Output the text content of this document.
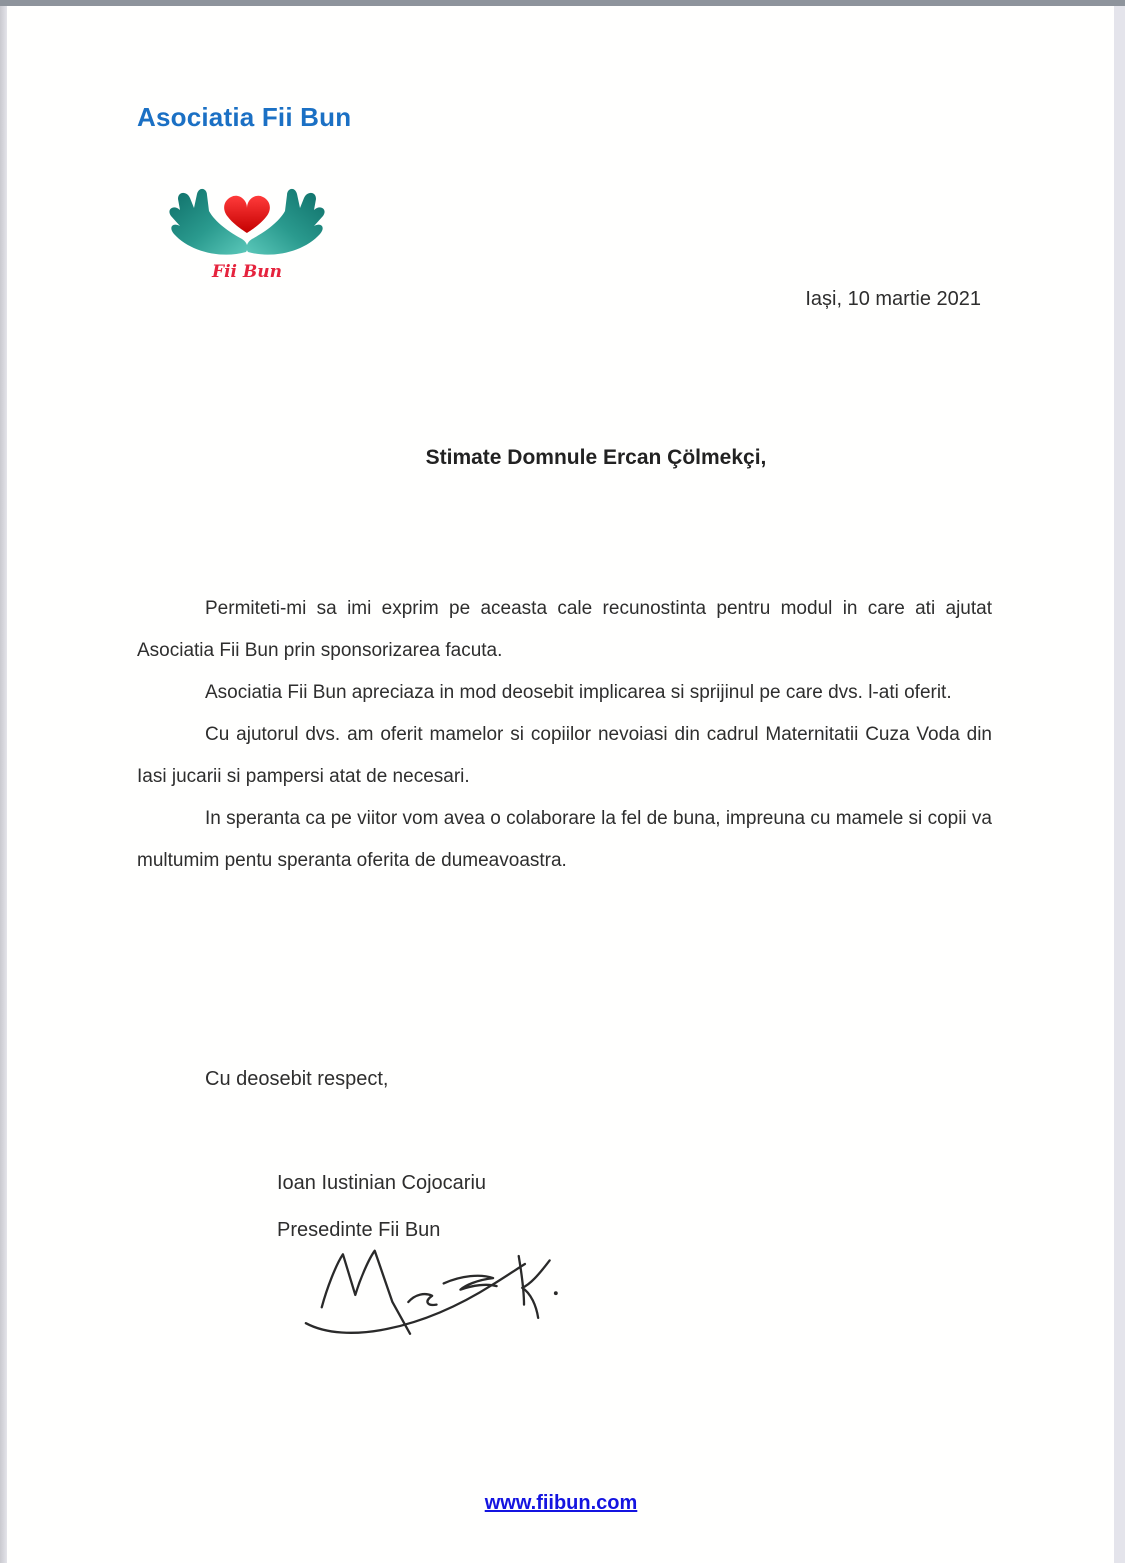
Asociatia Fii Bun
Fii Bun
Iași, 10 martie 2021
Stimate Domnule Ercan Çölmekçi,

Permiteti-mi sa imi exprim pe aceasta cale recunostinta pentru modul in care ati ajutat Asociatia Fii Bun prin sponsorizarea facuta.

Asociatia Fii Bun apreciaza in mod deosebit implicarea si sprijinul pe care dvs. l-ati oferit.

Cu ajutorul dvs. am oferit mamelor si copiilor nevoiasi din cadrul Maternitatii Cuza Voda din Iasi jucarii si pampersi atat de necesari.

In speranta ca pe viitor vom avea o colaborare la fel de buna, impreuna cu mamele si copii va multumim pentu speranta oferita de dumeavoastra.

Cu deosebit respect,
Ioan Iustinian Cojocariu
Presedinte Fii Bun
www.fiibun.com
